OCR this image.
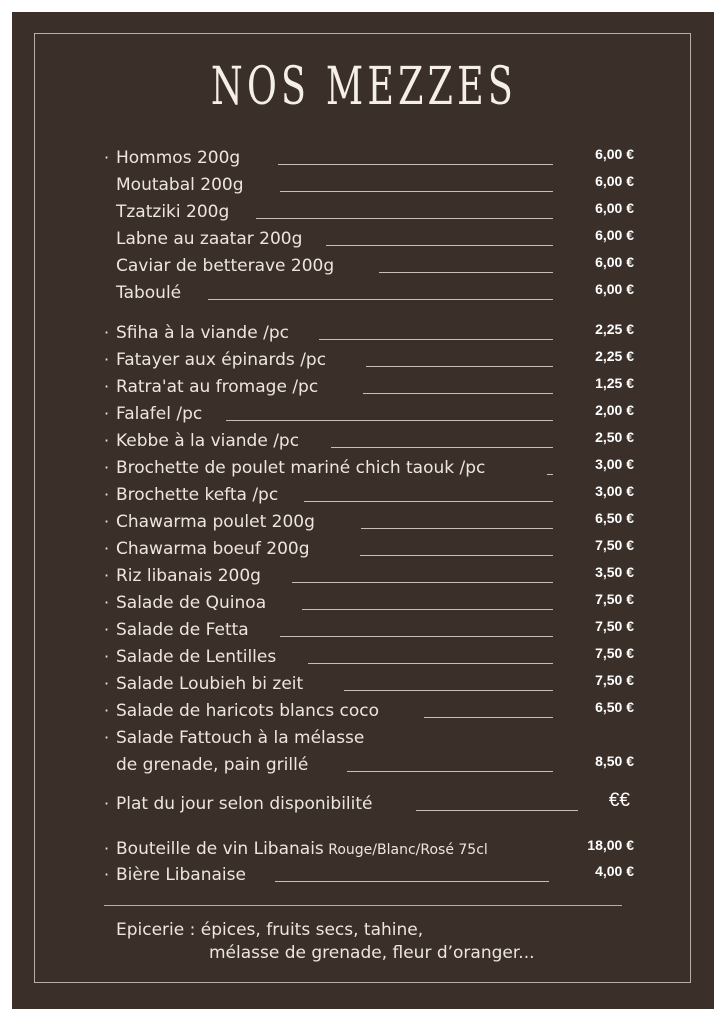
NOS MEZZES
· Hommos 200g	6,00 €
Moutabal 200g	6,00 €
Tzatziki 200g	6,00 €
Labne au zaatar 200g	6,00 €
Caviar de betterave 200g	6,00 €
Taboulé	6,00 €
· Sfiha à la viande /pc	2,25 €
· Fatayer aux épinards /pc	2,25 €
· Ratra'at au fromage /pc	1,25 €
· Falafel /pc	2,00 €
· Kebbe à la viande /pc	2,50 €
· Brochette de poulet mariné chich taouk /pc	3,00 €
· Brochette kefta /pc	3,00 €
· Chawarma poulet 200g	6,50 €
· Chawarma boeuf 200g	7,50 €
· Riz libanais 200g	3,50 €
· Salade de Quinoa	7,50 €
· Salade de Fetta	7,50 €
· Salade de Lentilles	7,50 €
· Salade Loubieh bi zeit	7,50 €
· Salade de haricots blancs coco	6,50 €
· Salade Fattouch à la mélasse
de grenade, pain grillé	8,50 €
· Plat du jour selon disponibilité	€€
· Bouteille de vin Libanais Rouge/Blanc/Rosé 75cl	18,00 €
· Bière Libanaise	4,00 €
Epicerie : épices, fruits secs, tahine,
mélasse de grenade, fleur d’oranger...
